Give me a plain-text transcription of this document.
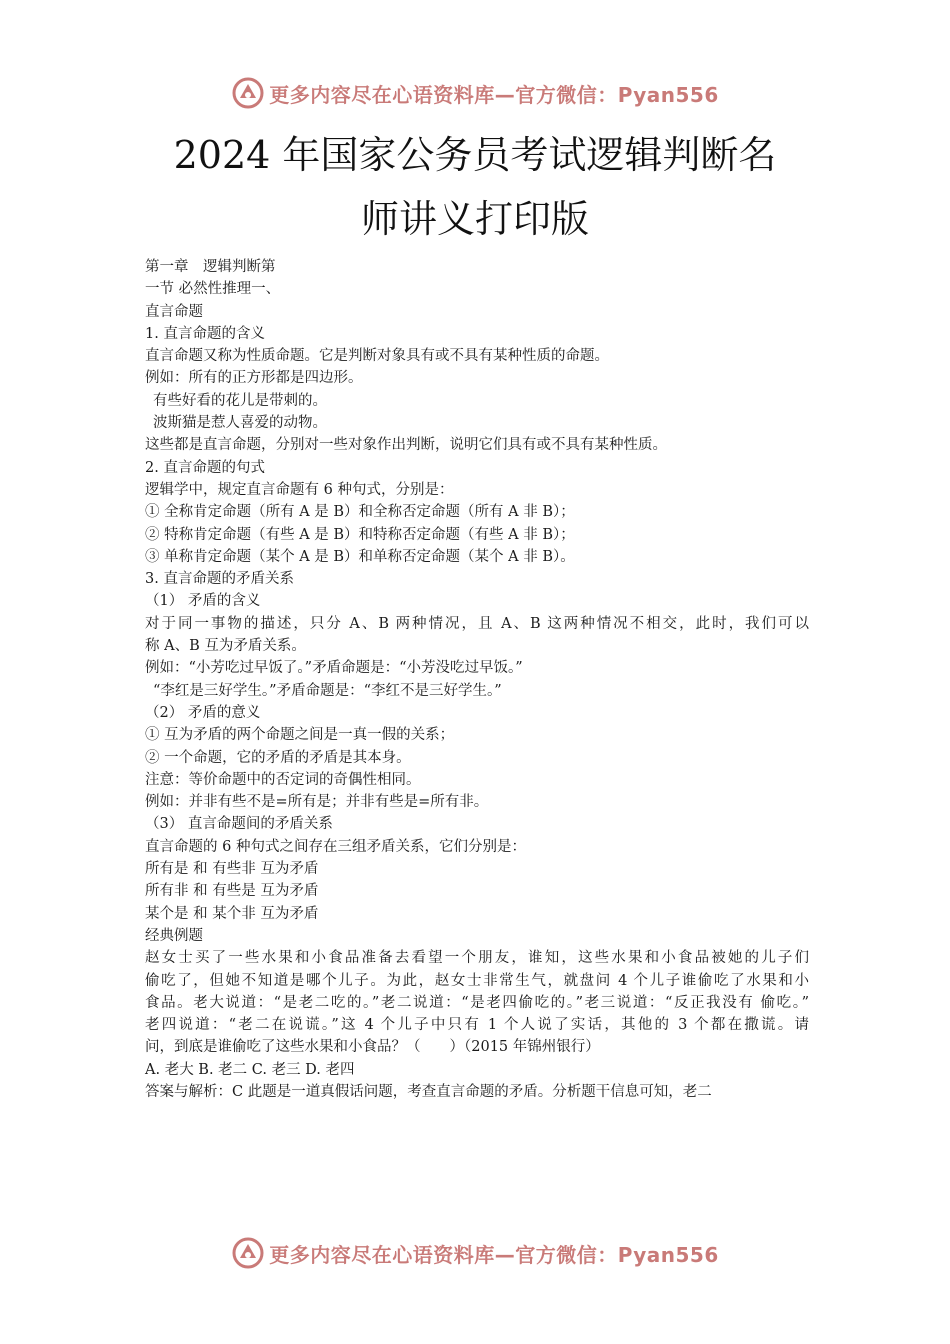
更多内容尽在心语资料库—官方微信：Pyan556
2024 年国家公务员考试逻辑判断名
师讲义打印版
第一章　逻辑判断第
一节 必然性推理一、
直言命题
1. 直言命题的含义
直言命题又称为性质命题。它是判断对象具有或不具有某种性质的命题。
例如：所有的正方形都是四边形。
有些好看的花儿是带刺的。
波斯猫是惹人喜爱的动物。
这些都是直言命题，分别对一些对象作出判断，说明它们具有或不具有某种性质。
2. 直言命题的句式
逻辑学中，规定直言命题有 6 种句式，分别是：
① 全称肯定命题（所有 A 是 B）和全称否定命题（所有 A 非 B）；
② 特称肯定命题（有些 A 是 B）和特称否定命题（有些 A 非 B）；
③ 单称肯定命题（某个 A 是 B）和单称否定命题（某个 A 非 B）。
3. 直言命题的矛盾关系
（1） 矛盾的含义
对于同一事物的描述，只分 A、B 两种情况，且 A、B 这两种情况不相交，此时，我们可以
称 A、B 互为矛盾关系。
例如：“小芳吃过早饭了。”矛盾命题是：“小芳没吃过早饭。”
“李红是三好学生。”矛盾命题是：“李红不是三好学生。”
（2） 矛盾的意义
① 互为矛盾的两个命题之间是一真一假的关系；
② 一个命题，它的矛盾的矛盾是其本身。
注意：等价命题中的否定词的奇偶性相同。
例如：并非有些不是=所有是；并非有些是=所有非。
（3） 直言命题间的矛盾关系
直言命题的 6 种句式之间存在三组矛盾关系，它们分别是：
所有是 和 有些非 互为矛盾
所有非 和 有些是 互为矛盾
某个是 和 某个非 互为矛盾
经典例题
赵女士买了一些水果和小食品准备去看望一个朋友，谁知，这些水果和小食品被她的儿子们
偷吃了，但她不知道是哪个儿子。为此，赵女士非常生气，就盘问 4 个儿子谁偷吃了水果和小
食品。老大说道：“是老二吃的。”老二说道：“是老四偷吃的。”老三说道：“反正我没有 偷吃。”
老四说道：“老二在说谎。”这 4 个儿子中只有 1 个人说了实话，其他的 3 个都在撒谎。请
问，到底是谁偷吃了这些水果和小食品？（　　）（2015 年锦州银行）
A. 老大 B. 老二 C. 老三 D. 老四
答案与解析：C 此题是一道真假话问题，考查直言命题的矛盾。分析题干信息可知，老二
更多内容尽在心语资料库—官方微信：Pyan556
